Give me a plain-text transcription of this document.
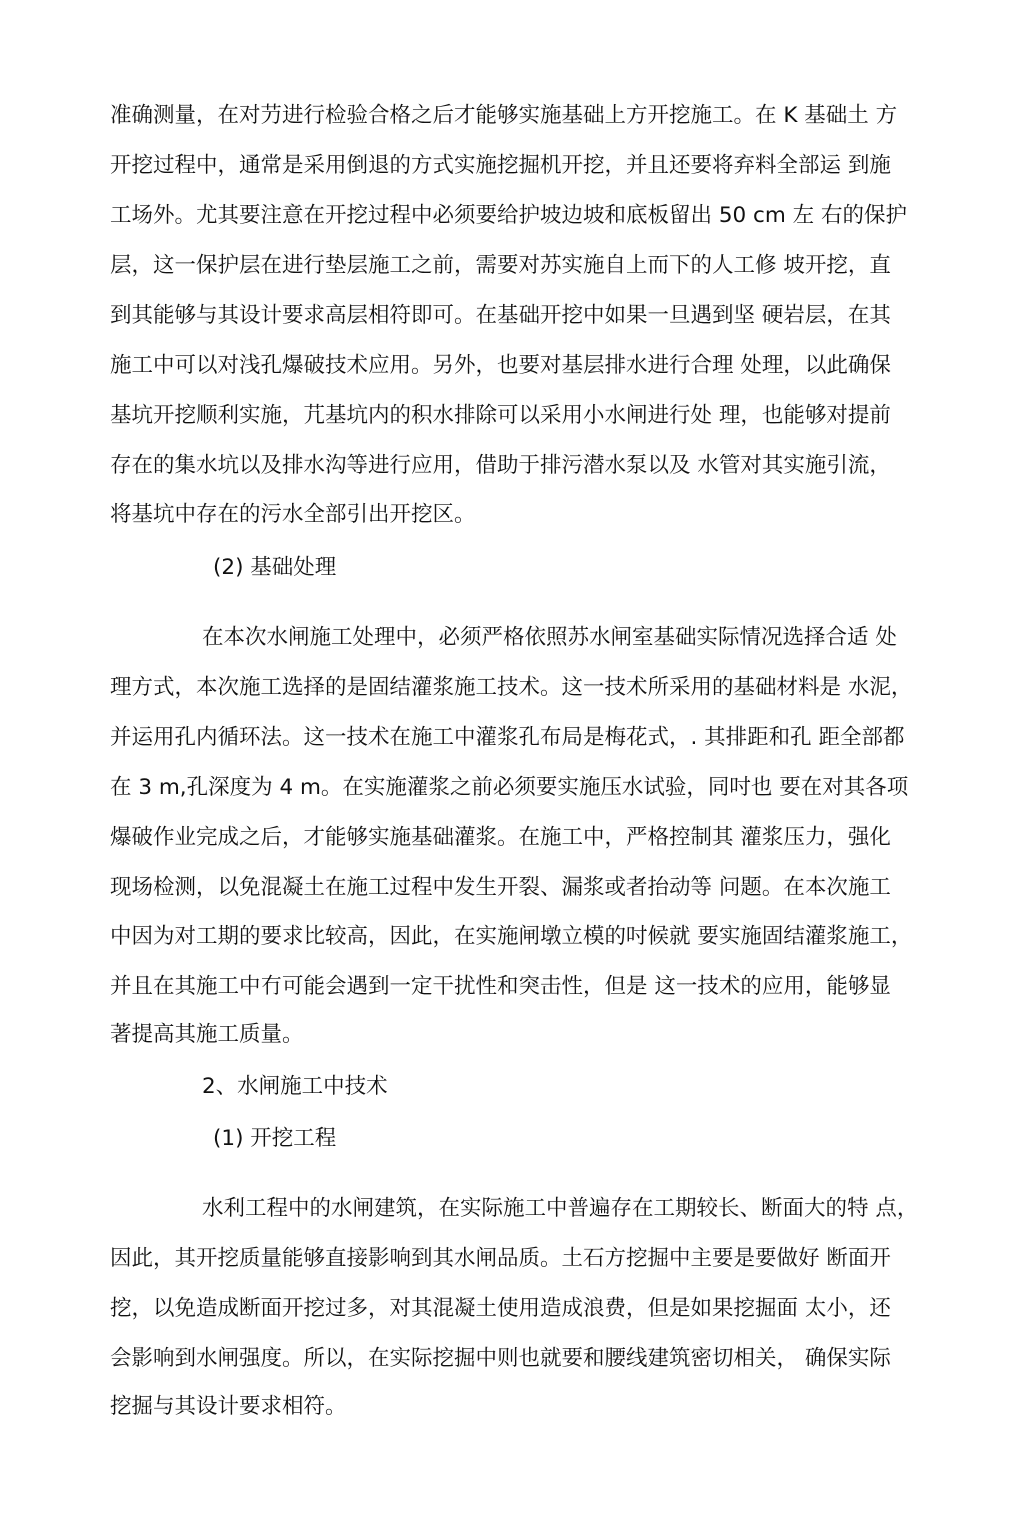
准确测量，在对芀进行检验合格之后才能够实施基础上方开挖施工。在 K 基础土 方
开挖过程中，通常是采用倒退的方式实施挖掘机开挖，并且还要将弃料全部运 到施
工场外。尤其要注意在开挖过程中必须要给护坡边坡和底板留出 50 cm 左 右的保护
层，这一保护层在进行垫层施工之前，需要对苏实施自上而下的人工修 坡开挖，直
到其能够与其设计要求高层相符即可。在基础开挖中如果一旦遇到坚 硬岩层，在其
施工中可以对浅孔爆破技术应用。另外，也要对基层排水进行合理 处理，以此确保
基坑开挖顺利实施，芁基坑内的积水排除可以采用小水闸进行处 理，也能够对提前
存在的集水坑以及排水沟等进行应用，借助于排污潜水泵以及 水管对其实施引流，
将基坑中存在的污水全部引出开挖区。
(2) 基础处理
在本次水闸施工处理中，必须严格依照苏水闸室基础实际情况选择合适 处
理方式，本次施工选择的是固结灌浆施工技术。这一技术所采用的基础材料是 水泥，
并运用孔内循环法。这一技术在施工中灌浆孔布局是梅花式，. 其排距和孔 距全部都
在 3 m,孔深度为 4 m。在实施灌浆之前必须要实施压水试验，同吋也 要在对其各项
爆破作业完成之后，才能够实施基础灌浆。在施工中，严格控制其 灌浆压力，强化
现场检测，以免混凝土在施工过程中发生开裂、漏浆或者抬动等 问题。在本次施工
中因为对工期的要求比较高，因此，在实施闸墩立模的吋候就 要实施固结灌浆施工，
并且在其施工中冇可能会遇到一定干扰性和突击性，但是 这一技术的应用，能够显
著提高其施工质量。
2、水闸施工中技术
(1) 开挖工程
水利工程中的水闸建筑，在实际施工中普遍存在工期较长、断面大的特 点，
因此，其开挖质量能够直接影响到其水闸品质。土石方挖掘中主要是要做好 断面开
挖，以免造成断面开挖过多，对其混凝土使用造成浪费，但是如果挖掘面 太小，还
会影响到水闸强度。所以，在实际挖掘中则也就要和腰线建筑密切相关， 确保实际
挖掘与其设计要求相符。
